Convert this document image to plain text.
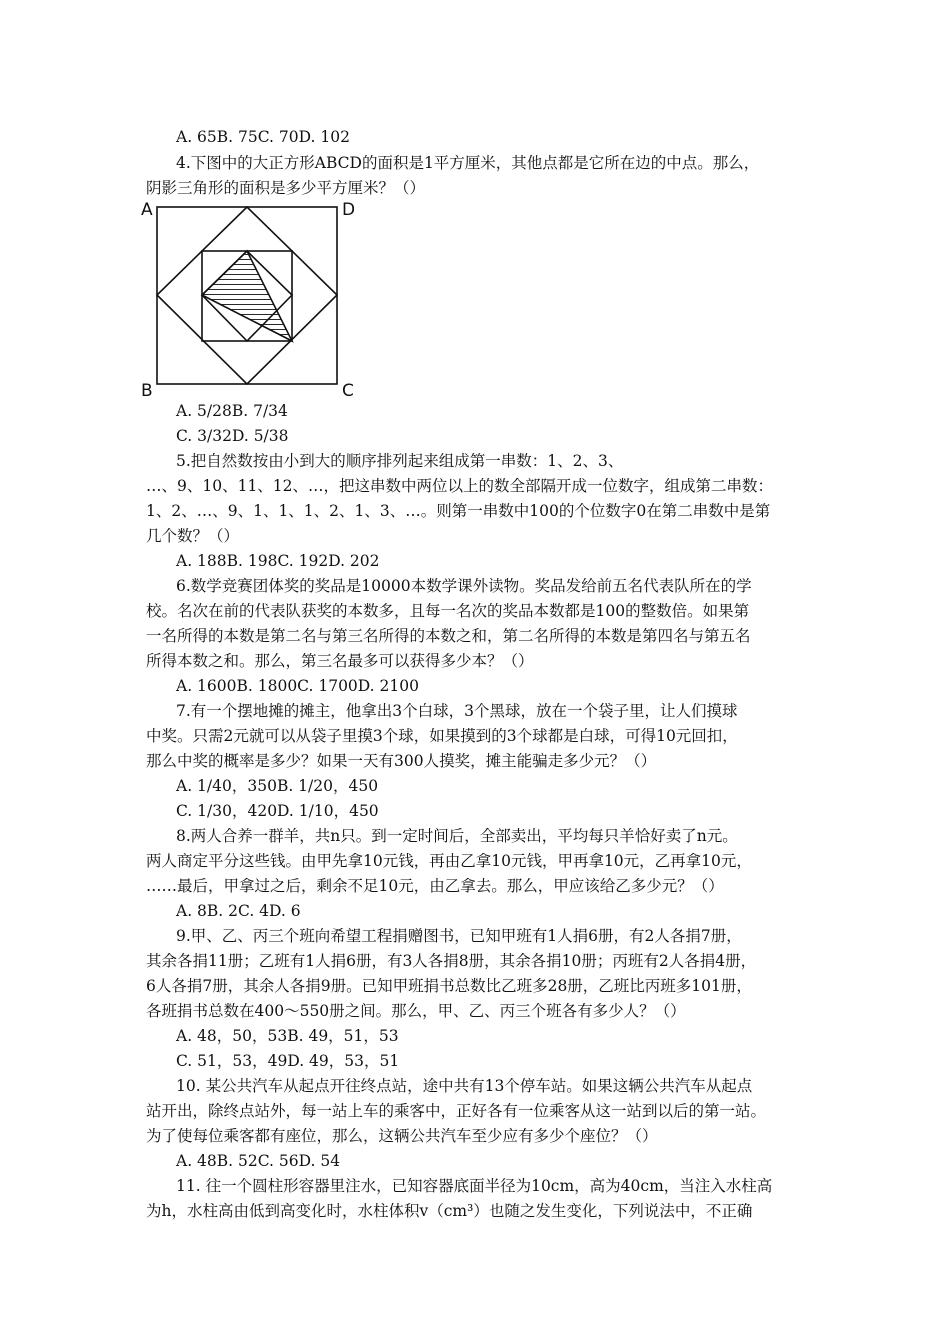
A. 65B. 75C. 70D. 102
4.下图中的大正方形ABCD的面积是1平方厘米，其他点都是它所在边的中点。那么，
阴影三角形的面积是多少平方厘米？（）
A	D
B	C
A. 5/28B. 7/34
C. 3/32D. 5/38
5.把自然数按由小到大的顺序排列起来组成第一串数：1、2、3、
…、9、10、11、12、…，把这串数中两位以上的数全部隔开成一位数字，组成第二串数：
1、2、…、9、1、1、1、2、1、3、…。则第一串数中100的个位数字0在第二串数中是第
几个数？（）
A. 188B. 198C. 192D. 202
6.数学竞赛团体奖的奖品是10000本数学课外读物。奖品发给前五名代表队所在的学
校。名次在前的代表队获奖的本数多，且每一名次的奖品本数都是100的整数倍。如果第
一名所得的本数是第二名与第三名所得的本数之和，第二名所得的本数是第四名与第五名
所得本数之和。那么，第三名最多可以获得多少本？（）
A. 1600B. 1800C. 1700D. 2100
7.有一个摆地摊的摊主，他拿出3个白球，3个黑球，放在一个袋子里，让人们摸球
中奖。只需2元就可以从袋子里摸3个球，如果摸到的3个球都是白球，可得10元回扣，
那么中奖的概率是多少？如果一天有300人摸奖，摊主能骗走多少元？（）
A. 1/40，350B. 1/20，450
C. 1/30，420D. 1/10，450
8.两人合养一群羊，共n只。到一定时间后，全部卖出，平均每只羊恰好卖了n元。
两人商定平分这些钱。由甲先拿10元钱，再由乙拿10元钱，甲再拿10元，乙再拿10元，
……最后，甲拿过之后，剩余不足10元，由乙拿去。那么，甲应该给乙多少元？（）
A. 8B. 2C. 4D. 6
9.甲、乙、丙三个班向希望工程捐赠图书，已知甲班有1人捐6册，有2人各捐7册，
其余各捐11册；乙班有1人捐6册，有3人各捐8册，其余各捐10册；丙班有2人各捐4册，
6人各捐7册，其余人各捐9册。已知甲班捐书总数比乙班多28册，乙班比丙班多101册，
各班捐书总数在400～550册之间。那么，甲、乙、丙三个班各有多少人？（）
A. 48，50，53B. 49，51，53
C. 51，53，49D. 49，53，51
10. 某公共汽车从起点开往终点站，途中共有13个停车站。如果这辆公共汽车从起点
站开出，除终点站外，每一站上车的乘客中，正好各有一位乘客从这一站到以后的第一站。
为了使每位乘客都有座位，那么，这辆公共汽车至少应有多少个座位？（）
A. 48B. 52C. 56D. 54
11. 往一个圆柱形容器里注水，已知容器底面半径为10cm，高为40cm，当注入水柱高
为h，水柱高由低到高变化时，水柱体积v（cm³）也随之发生变化，下列说法中，不正确
